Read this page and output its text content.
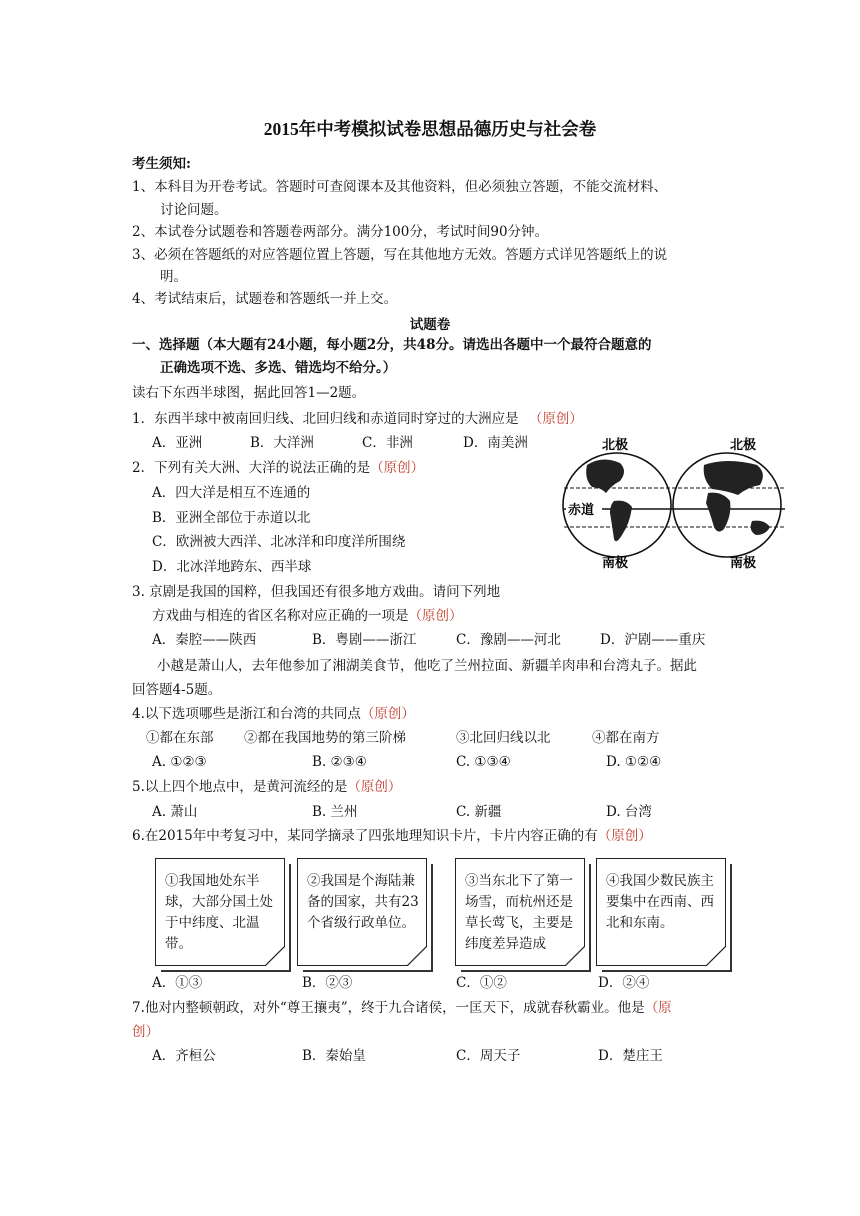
2015年中考模拟试卷思想品德历史与社会卷
考生须知:
1、本科目为开卷考试。答题时可查阅课本及其他资料，但必须独立答题，不能交流材料、
讨论问题。
2、本试卷分试题卷和答题卷两部分。满分100分，考试时间90分钟。
3、必须在答题纸的对应答题位置上答题，写在其他地方无效。答题方式详见答题纸上的说
明。
4、考试结束后，试题卷和答题纸一并上交。
试题卷
一、选择题（本大题有24小题，每小题2分，共48分。请选出各题中一个最符合题意的
正确选项不选、多选、错选均不给分。）
读右下东西半球图，据此回答1—2题。
1．东西半球中被南回归线、北回归线和赤道同时穿过的大洲应是 （原创）
A．亚洲	B．大洋洲	C．非洲	D．南美洲
2．下列有关大洲、大洋的说法正确的是（原创）
A．四大洋是相互不连通的
B．亚洲全部位于赤道以北
C．欧洲被大西洋、北冰洋和印度洋所围绕
D．北冰洋地跨东、西半球
赤道
北极	北极
南极	南极
3. 京剧是我国的国粹，但我国还有很多地方戏曲。请问下列地
方戏曲与相连的省区名称对应正确的一项是（原创）
A．秦腔——陕西	B．粤剧——浙江	C．豫剧——河北	D．沪剧——重庆
小越是萧山人，去年他参加了湘湖美食节，他吃了兰州拉面、新疆羊肉串和台湾丸子。据此
回答题4-5题。
4.以下选项哪些是浙江和台湾的共同点（原创）
①都在东部 ②都在我国地势的第三阶梯	③北回归线以北	④都在南方
A. ①②③	B. ②③④	C. ①③④	D. ①②④
5.以上四个地点中，是黄河流经的是（原创）
A. 萧山	B. 兰州	C. 新疆	D. 台湾
6.在2015年中考复习中，某同学摘录了四张地理知识卡片，卡片内容正确的有（原创）
①我国地处东半球，大部分国土处于中纬度、北温带。
②我国是个海陆兼备的国家，共有23个省级行政单位。
③当东北下了第一场雪，而杭州还是草长莺飞，主要是纬度差异造成
④我国少数民族主要集中在西南、西北和东南。
A．①③	B．②③	C．①②	D．②④
7.他对内整顿朝政，对外“尊王攘夷”，终于九合诸侯，一匡天下，成就春秋霸业。他是（原
创）
A．齐桓公	B．秦始皇	C．周天子	D．楚庄王
